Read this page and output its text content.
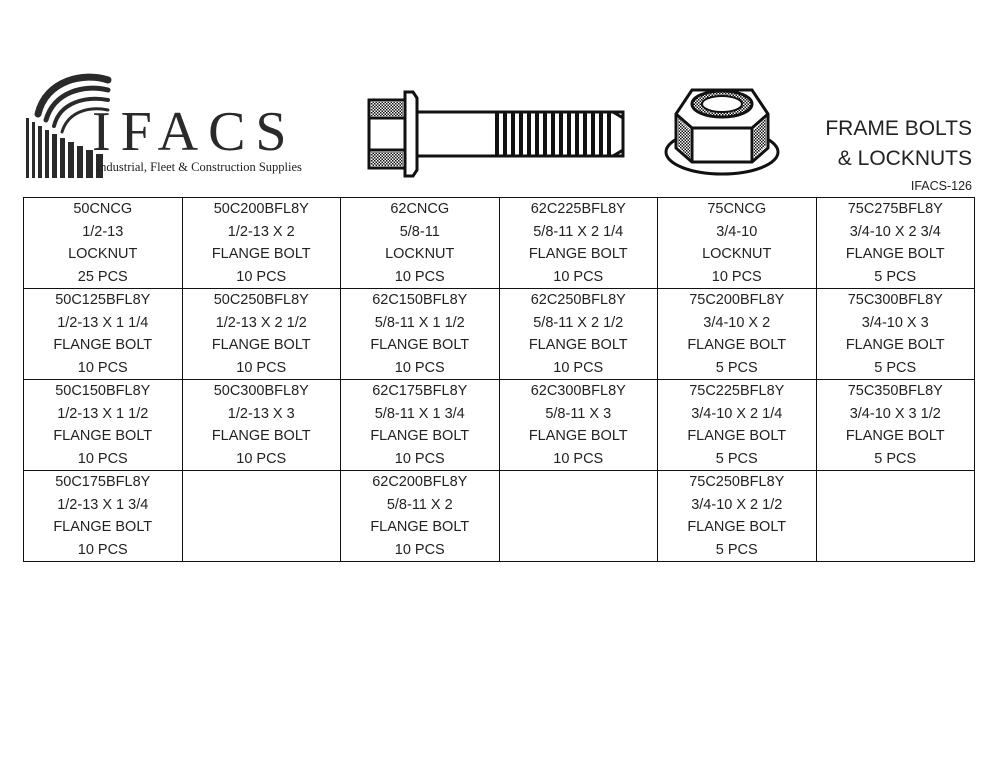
IFACS
Industrial, Fleet & Construction Supplies
FRAME BOLTS
& LOCKNUTS
IFACS-126
50CNCG
1/2-13
LOCKNUT
25 PCS	50C200BFL8Y
1/2-13 X 2
FLANGE BOLT
10 PCS	62CNCG
5/8-11
LOCKNUT
10 PCS	62C225BFL8Y
5/8-11 X 2 1/4
FLANGE BOLT
10 PCS	75CNCG
3/4-10
LOCKNUT
10 PCS	75C275BFL8Y
3/4-10 X 2 3/4
FLANGE BOLT
5 PCS

50C125BFL8Y
1/2-13 X 1 1/4
FLANGE BOLT
10 PCS	50C250BFL8Y
1/2-13 X 2 1/2
FLANGE BOLT
10 PCS	62C150BFL8Y
5/8-11 X 1 1/2
FLANGE BOLT
10 PCS	62C250BFL8Y
5/8-11 X 2 1/2
FLANGE BOLT
10 PCS	75C200BFL8Y
3/4-10 X 2
FLANGE BOLT
5 PCS	75C300BFL8Y
3/4-10 X 3
FLANGE BOLT
5 PCS

50C150BFL8Y
1/2-13 X 1 1/2
FLANGE BOLT
10 PCS	50C300BFL8Y
1/2-13 X 3
FLANGE BOLT
10 PCS	62C175BFL8Y
5/8-11 X 1 3/4
FLANGE BOLT
10 PCS	62C300BFL8Y
5/8-11 X 3
FLANGE BOLT
10 PCS	75C225BFL8Y
3/4-10 X 2 1/4
FLANGE BOLT
5 PCS	75C350BFL8Y
3/4-10 X 3 1/2
FLANGE BOLT
5 PCS

50C175BFL8Y
1/2-13 X 1 3/4
FLANGE BOLT
10 PCS		62C200BFL8Y
5/8-11 X 2
FLANGE BOLT
10 PCS		75C250BFL8Y
3/4-10 X 2 1/2
FLANGE BOLT
5 PCS	
